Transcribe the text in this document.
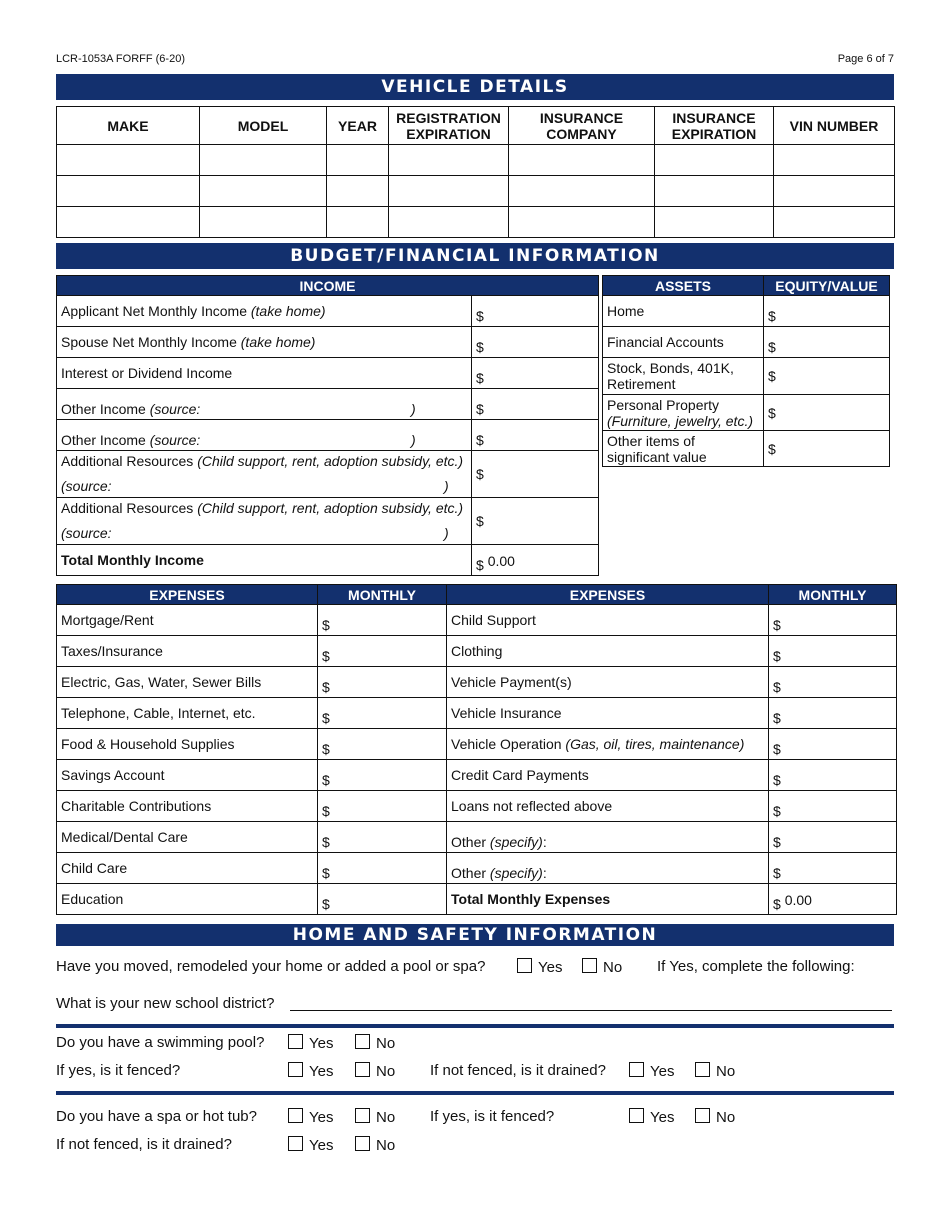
LCR-1053A FORFF (6-20)	Page 6 of 7
VEHICLE DETAILS
MAKE	MODEL	YEAR	REGISTRATION EXPIRATION	INSURANCE COMPANY	INSURANCE EXPIRATION	VIN NUMBER

BUDGET/FINANCIAL INFORMATION
INCOME	
Applicant Net Monthly Income (take home)	$
Spouse Net Monthly Income (take home)	$
Interest or Dividend Income	$
Other Income (source: )	$
Other Income (source: )	$
Additional Resources (Child support, rent, adoption subsidy, etc.)
(source: )	$
Additional Resources (Child support, rent, adoption subsidy, etc.)
(source: )	$
Total Monthly Income	$ 0.00
ASSETS	EQUITY/VALUE
Home	$
Financial Accounts	$
Stock, Bonds, 401K,
Retirement	$
Personal Property
(Furniture, jewelry, etc.)	$
Other items of
significant value	$
EXPENSES	MONTHLY	EXPENSES	MONTHLY
Mortgage/Rent	$	Child Support	$
Taxes/Insurance	$	Clothing	$
Electric, Gas, Water, Sewer Bills	$	Vehicle Payment(s)	$
Telephone, Cable, Internet, etc.	$	Vehicle Insurance	$
Food & Household Supplies	$	Vehicle Operation (Gas, oil, tires, maintenance)	$
Savings Account	$	Credit Card Payments	$
Charitable Contributions	$	Loans not reflected above	$
Medical/Dental Care	$	Other (specify):	$
Child Care	$	Other (specify):	$
Education	$	Total Monthly Expenses	$ 0.00
HOME AND SAFETY INFORMATION
Have you moved, remodeled your home or added a pool or spa?	Yes	No If Yes, complete the following:
What is your new school district?
Do you have a swimming pool?	Yes	No
If yes, is it fenced?	Yes	No If not fenced, is it drained?	Yes	No
Do you have a spa or hot tub?	Yes	No If yes, is it fenced?	Yes	No
If not fenced, is it drained?	Yes	No
